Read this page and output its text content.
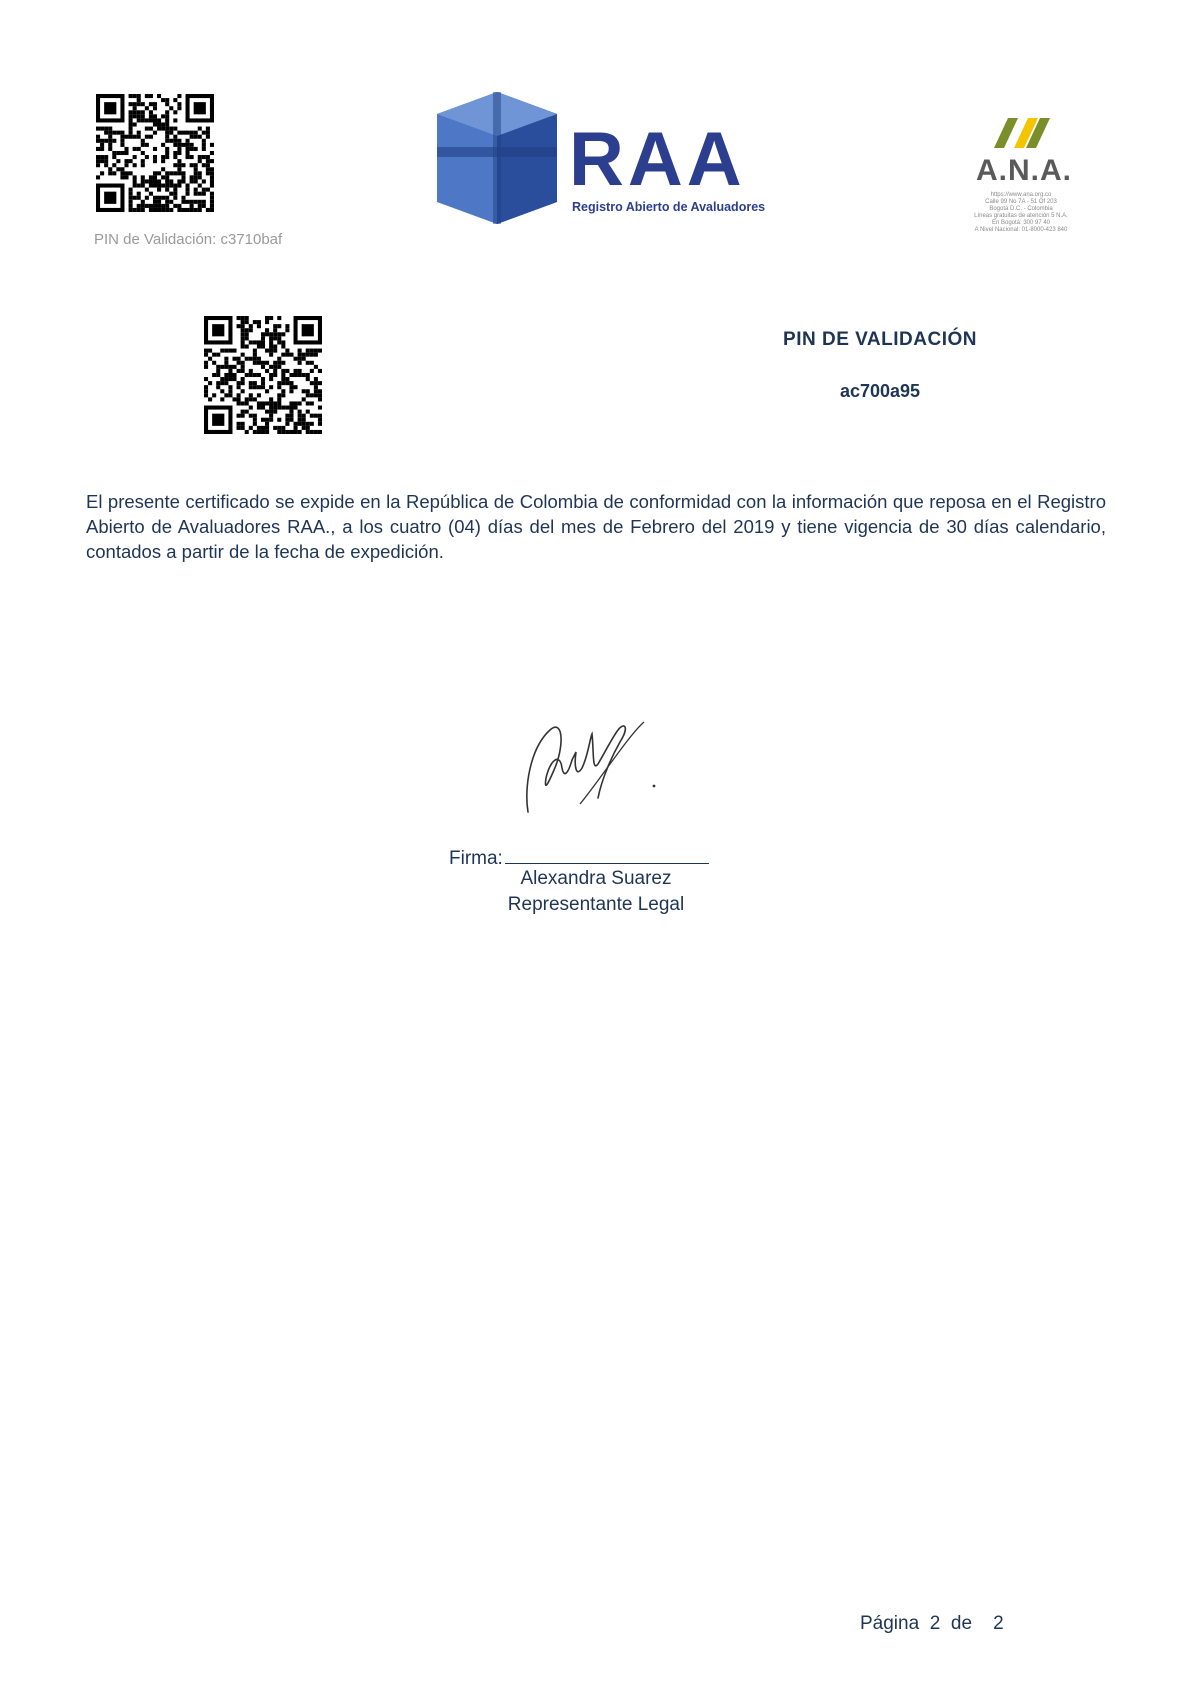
PIN de Validación: c3710baf
RAA
Registro Abierto de Avaluadores
A.N.A.
https://www.ana.org.co
Calle 99 No 7A - 51 Of 203
Bogotá D.C. - Colombia
Líneas gratuitas de atención 5 N.A.
En Bogotá: 300 97 40
A Nivel Nacional: 01-8000-423 840
PIN DE VALIDACIÓN
ac700a95
El presente certificado se expide en la República de Colombia de conformidad con la información que reposa en el Registro Abierto de Avaluadores RAA., a los cuatro (04) días del mes de Febrero del 2019 y tiene vigencia de 30 días calendario, contados a partir de la fecha de expedición.
Firma:
Alexandra Suarez
Representante Legal
Página 2 de 2
